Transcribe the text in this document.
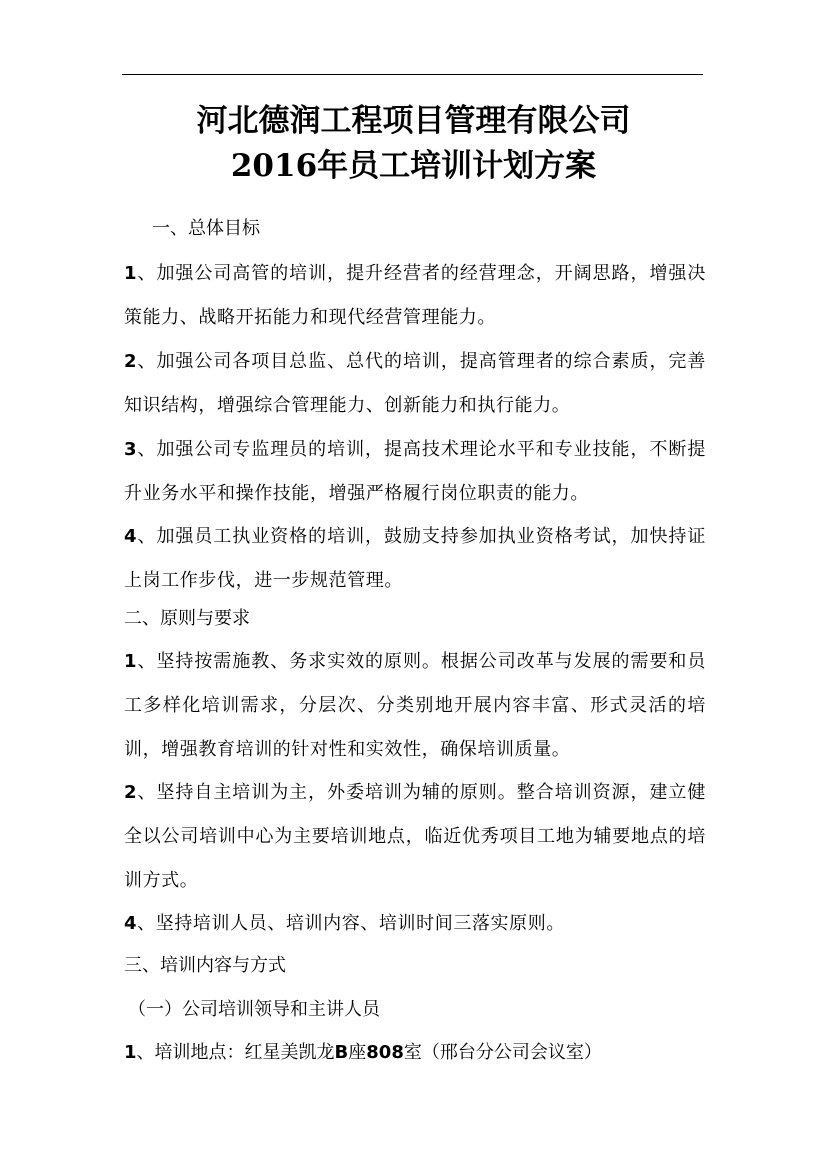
河北德润工程项目管理有限公司
2016年员工培训计划方案
一、总体目标
1、加强公司高管的培训，提升经营者的经营理念，开阔思路，增强决策能力、战略开拓能力和现代经营管理能力。
2、加强公司各项目总监、总代的培训，提高管理者的综合素质，完善知识结构，增强综合管理能力、创新能力和执行能力。
3、加强公司专监理员的培训，提高技术理论水平和专业技能，不断提升业务水平和操作技能，增强严格履行岗位职责的能力。
4、加强员工执业资格的培训，鼓励支持参加执业资格考试，加快持证上岗工作步伐，进一步规范管理。
二、原则与要求
1、坚持按需施教、务求实效的原则。根据公司改革与发展的需要和员工多样化培训需求，分层次、分类别地开展内容丰富、形式灵活的培训，增强教育培训的针对性和实效性，确保培训质量。
2、坚持自主培训为主，外委培训为辅的原则。整合培训资源，建立健全以公司培训中心为主要培训地点，临近优秀项目工地为辅要地点的培训方式。
4、坚持培训人员、培训内容、培训时间三落实原则。
三、培训内容与方式
（一）公司培训领导和主讲人员
1、培训地点：红星美凯龙B座808室（邢台分公司会议室）
